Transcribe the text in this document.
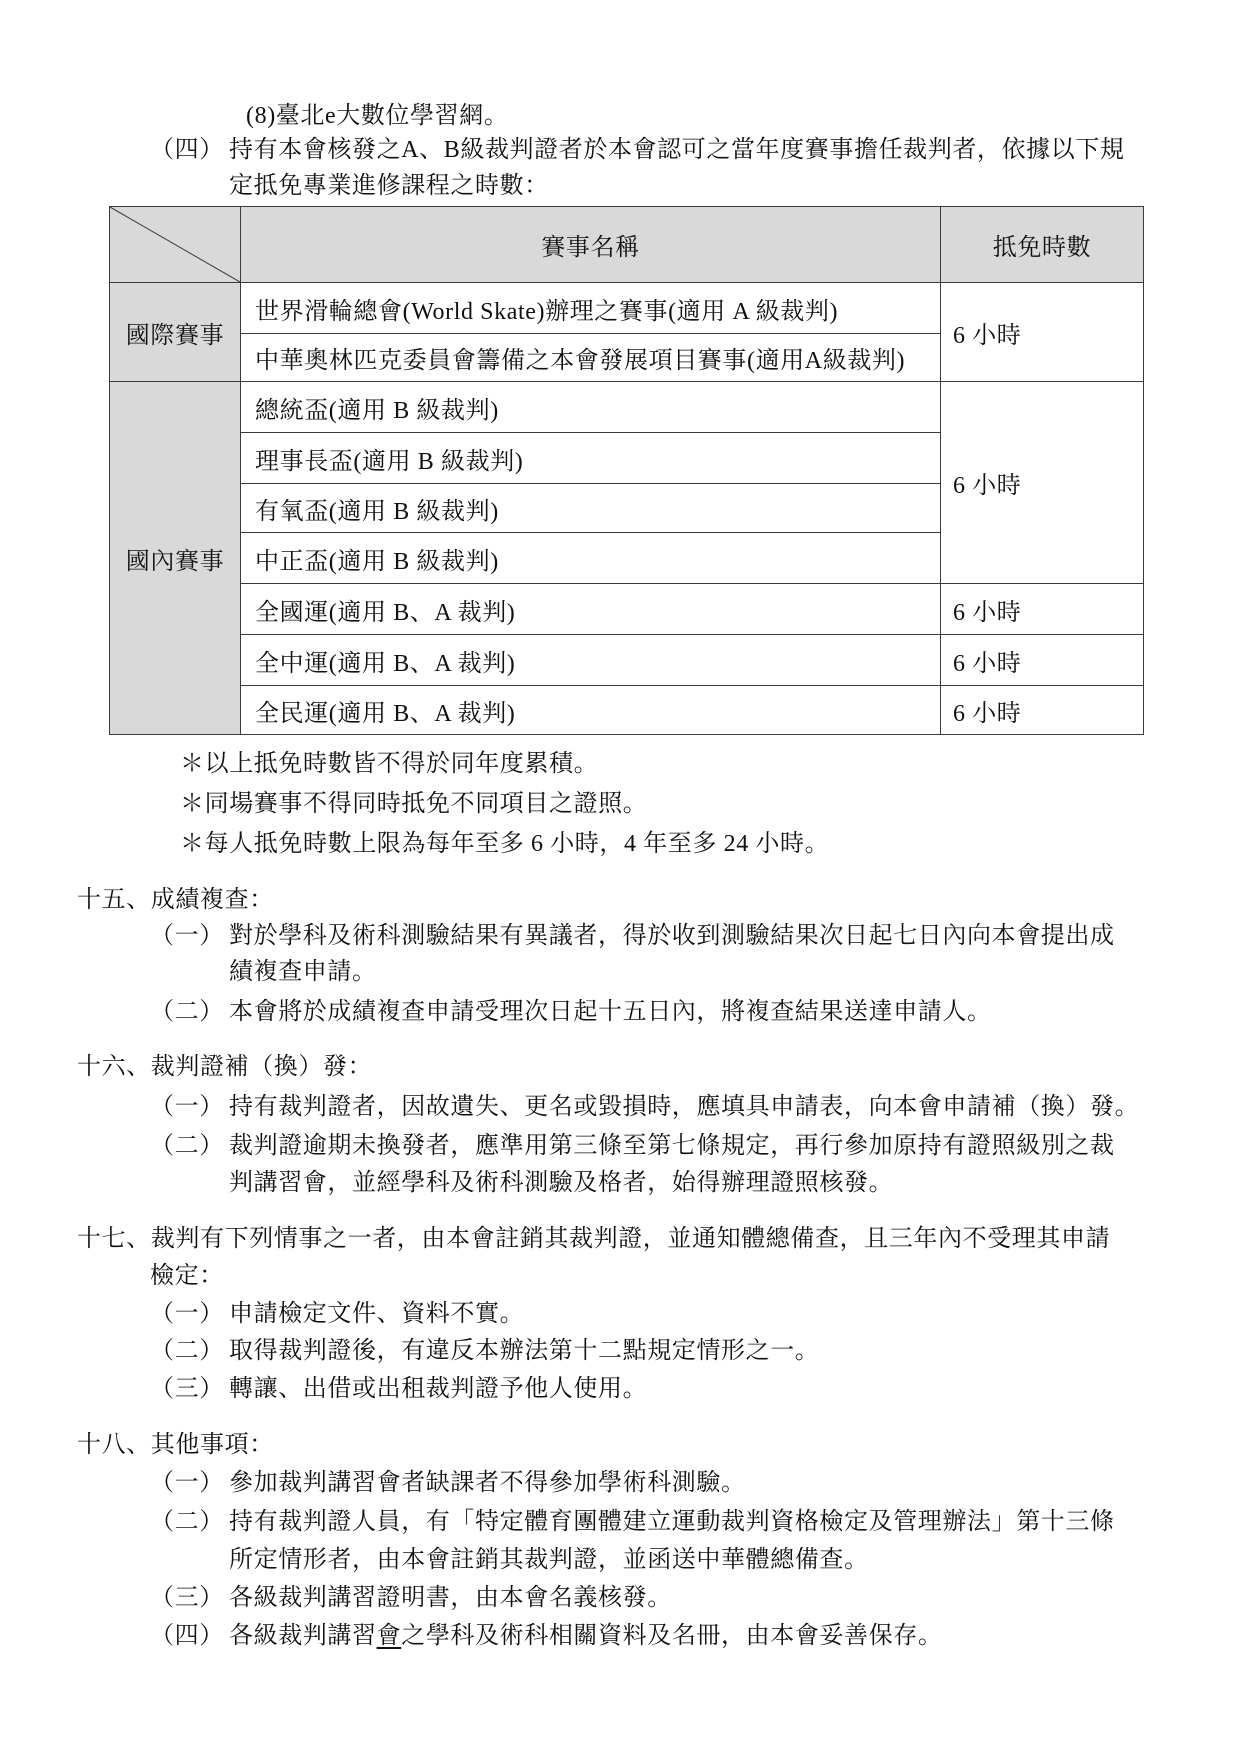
(8)臺北e大數位學習網。
（四） 持有本會核發之A、B級裁判證者於本會認可之當年度賽事擔任裁判者，依據以下規
定抵免專業進修課程之時數：
	賽事名稱	抵免時數
國際賽事	世界滑輪總會(World Skate)辦理之賽事(適用 A 級裁判)	6 小時
	中華奧林匹克委員會籌備之本會發展項目賽事(適用A級裁判)	
國內賽事	總統盃(適用 B 級裁判)	6 小時
	理事長盃(適用 B 級裁判)	
	有氧盃(適用 B 級裁判)	
	中正盃(適用 B 級裁判)	
	全國運(適用 B、A 裁判)	6 小時
	全中運(適用 B、A 裁判)	6 小時
	全民運(適用 B、A 裁判)	6 小時
＊以上抵免時數皆不得於同年度累積。
＊同場賽事不得同時抵免不同項目之證照。
＊每人抵免時數上限為每年至多 6 小時，4 年至多 24 小時。
十五、成績複查：
（一） 對於學科及術科測驗結果有異議者，得於收到測驗結果次日起七日內向本會提出成
績複查申請。
（二） 本會將於成績複查申請受理次日起十五日內，將複查結果送達申請人。
十六、裁判證補（換）發：
（一） 持有裁判證者，因故遺失、更名或毀損時，應填具申請表，向本會申請補（換）發。
（二） 裁判證逾期未換發者，應準用第三條至第七條規定，再行參加原持有證照級別之裁
判講習會，並經學科及術科測驗及格者，始得辦理證照核發。
十七、裁判有下列情事之一者，由本會註銷其裁判證，並通知體總備查，且三年內不受理其申請
檢定：
（一） 申請檢定文件、資料不實。
（二） 取得裁判證後，有違反本辦法第十二點規定情形之一。
（三） 轉讓、出借或出租裁判證予他人使用。
十八、其他事項：
（一） 參加裁判講習會者缺課者不得參加學術科測驗。
（二） 持有裁判證人員，有「特定體育團體建立運動裁判資格檢定及管理辦法」第十三條
所定情形者，由本會註銷其裁判證，並函送中華體總備查。
（三） 各級裁判講習證明書，由本會名義核發。
（四） 各級裁判講習會之學科及術科相關資料及名冊，由本會妥善保存。
